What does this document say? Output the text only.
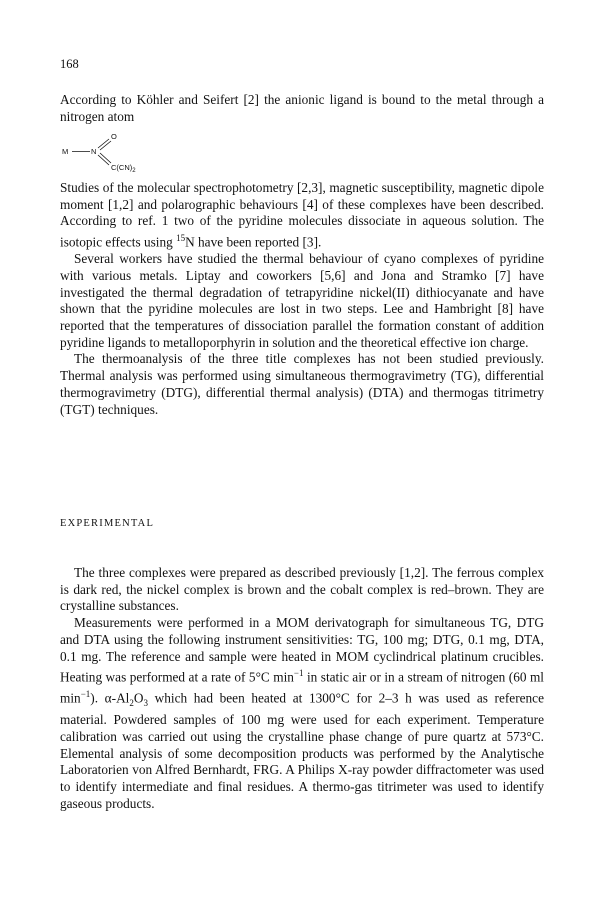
168

According to Köhler and Seifert [2] the anionic ligand is bound to the metal through a nitrogen atom

M	N
O
$C(CN)_2$

Studies of the molecular spectrophotometry [2,3], magnetic susceptibility, magnetic dipole moment [1,2] and polarographic behaviours [4] of these complexes have been described. According to ref. 1 two of the pyridine molecules dissociate in aqueous solution. The isotopic effects using $^{15}$N have been reported [3].

Several workers have studied the thermal behaviour of cyano complexes of pyridine with various metals. Liptay and coworkers [5,6] and Jona and Stramko [7] have investigated the thermal degradation of tetrapyridine nickel(II) dithiocyanate and have shown that the pyridine molecules are lost in two steps. Lee and Hambright [8] have reported that the temperatures of dissociation parallel the formation constant of addition pyridine ligands to metalloporphyrin in solution and the theoretical effective ion charge.

The thermoanalysis of the three title complexes has not been studied previously. Thermal analysis was performed using simultaneous thermogravimetry (TG), differential thermogravimetry (DTG), differential thermal analysis) (DTA) and thermogas titrimetry (TGT) techniques.

EXPERIMENTAL

The three complexes were prepared as described previously [1,2]. The ferrous complex is dark red, the nickel complex is brown and the cobalt complex is red–brown. They are crystalline substances.

Measurements were performed in a MOM derivatograph for simultaneous TG, DTG and DTA using the following instrument sensitivities: TG, 100 mg; DTG, 0.1 mg, DTA, 0.1 mg. The reference and sample were heated in MOM cyclindrical platinum crucibles. Heating was performed at a rate of 5°C $\min^{-1}$ in static air or in a stream of nitrogen (60 ml $\min^{-1}$). $\alpha-Al_2O_3$ which had been heated at 1300°C for 2–3 h was used as reference material. Powdered samples of 100 mg were used for each experiment. Temperature calibration was carried out using the crystalline phase change of pure quartz at 573°C. Elemental analysis of some decomposition products was performed by the Analytische Laboratorien von Alfred Bernhardt, FRG. A Philips X-ray powder diffractometer was used to identify intermediate and final residues. A thermo-gas titrimeter was used to identify gaseous products.
